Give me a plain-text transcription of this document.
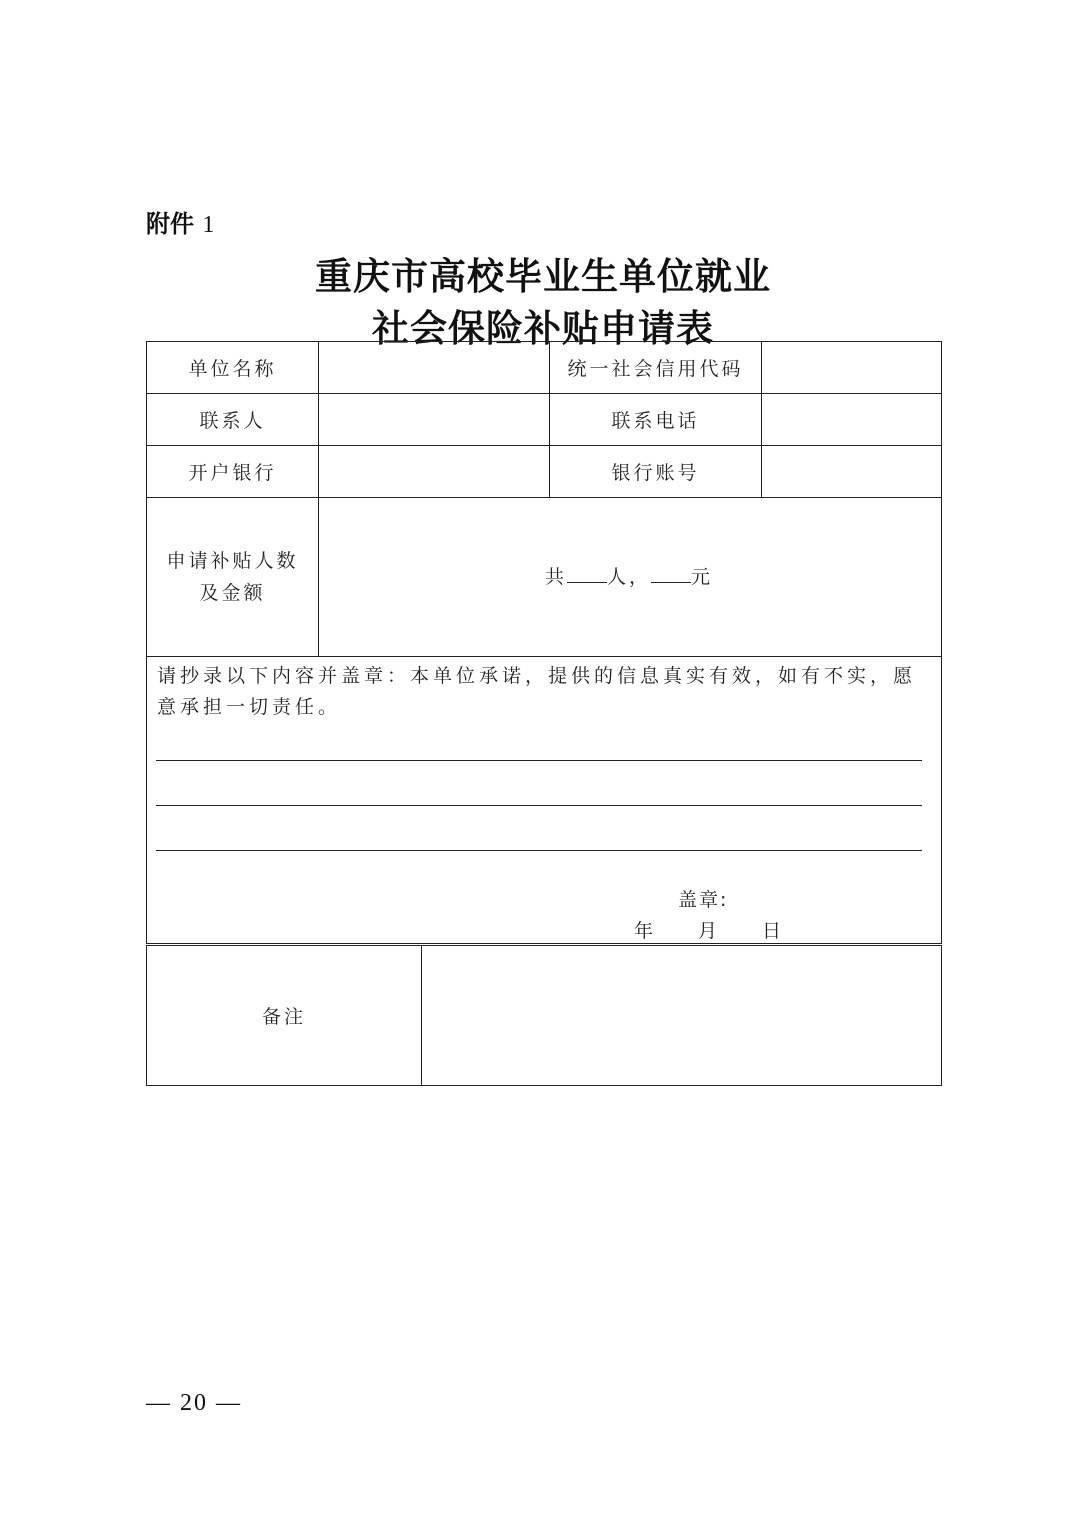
附件 1
重庆市高校毕业生单位就业
社会保险补贴申请表
单位名称		统一社会信用代码	
联系人		联系电话	
开户银行		银行账号	

申请补贴人数
及金额	共 人， 元		

请抄录以下内容并盖章：本单位承诺，提供的信息真实有效，如有不实，愿意承担一切责任。			
盖章:
年 月 日
备注	
— 20 —
